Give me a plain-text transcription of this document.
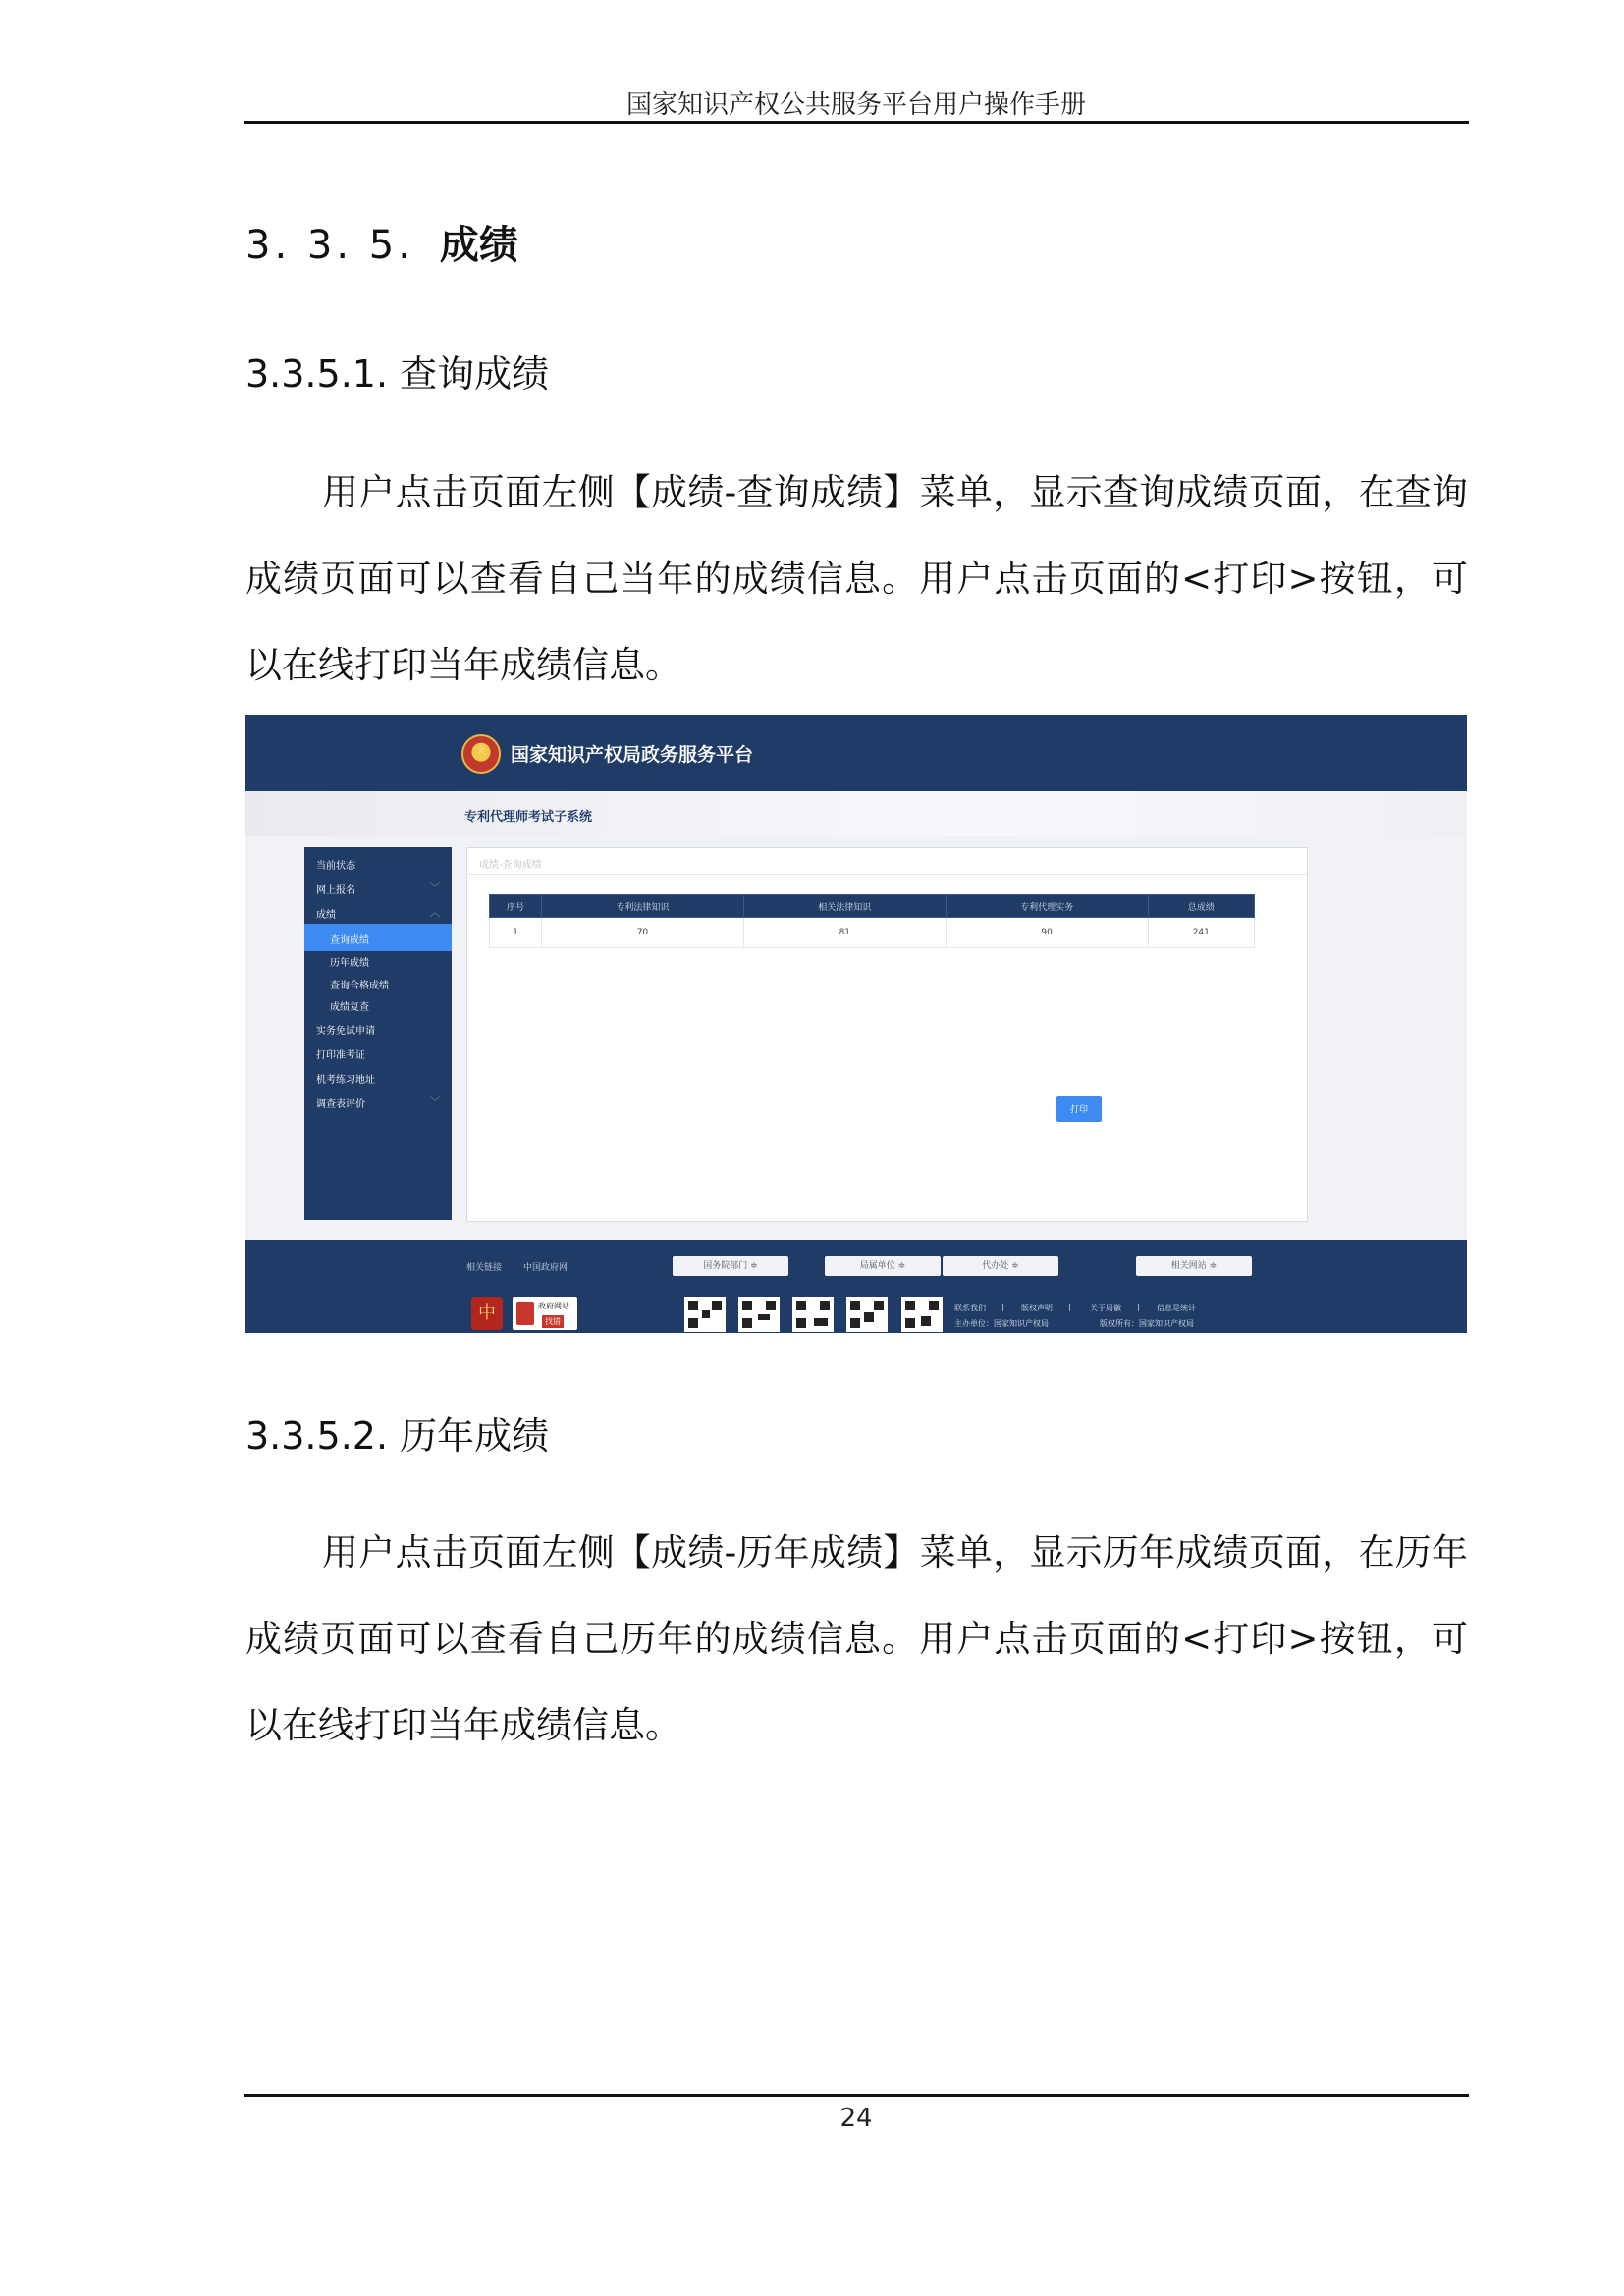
国家知识产权公共服务平台用户操作手册
3. 3. 5. 成绩
3.3.5.1. 查询成绩
用户点击页面左侧【成绩-查询成绩】菜单，显示查询成绩页面，在查询成绩页面可以查看自己当年的成绩信息。用户点击页面的<打印>按钮，可以在线打印当年成绩信息。
★	国家知识产权局政务服务平台
专利代理师考试子系统
当前状态
网上报名	﹀
成绩	︿
查询成绩
历年成绩
查询合格成绩
成绩复查
实务免试申请
打印准考证
机考练习地址
调查表评价	﹀
成绩-查询成绩
序号	专利法律知识	相关法律知识	专利代理实务	总成绩
1	70	81	90	241
打印
相关链接 中国政府网	国务院部门 ≑	局属单位 ≑	代办处 ≑	相关网站 ≑
中	政府网站
找错
联系我们 | 版权声明 | 关于局徽 | 信息是统计
主办单位：国家知识产权局	版权所有：国家知识产权局
3.3.5.2. 历年成绩
用户点击页面左侧【成绩-历年成绩】菜单，显示历年成绩页面，在历年成绩页面可以查看自己历年的成绩信息。用户点击页面的<打印>按钮，可以在线打印当年成绩信息。
24
